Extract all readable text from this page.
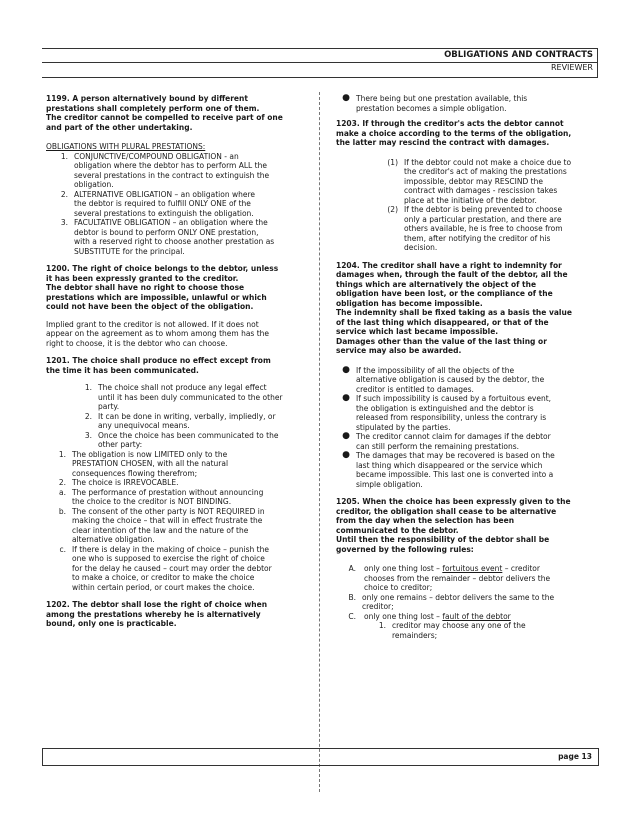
OBLIGATIONS AND CONTRACTS
REVIEWER
1199. A person alternatively bound by different
prestations shall completely perform one of them.
The creditor cannot be compelled to receive part of one
and part of the other undertaking.
OBLIGATIONS WITH PLURAL PRESTATIONS:
1. CONJUNCTIVE/COMPOUND OBLIGATION - an
obligation where the debtor has to perform ALL the
several prestations in the contract to extinguish the
obligation.
2. ALTERNATIVE OBLIGATION – an obligation where
the debtor is required to fulfill ONLY ONE of the
several prestations to extinguish the obligation.
3. FACULTATIVE OBLIGATION – an obligation where the
debtor is bound to perform ONLY ONE prestation,
with a reserved right to choose another prestation as
SUBSTITUTE for the principal.
1200. The right of choice belongs to the debtor, unless
it has been expressly granted to the creditor.
The debtor shall have no right to choose those
prestations which are impossible, unlawful or which
could not have been the object of the obligation.
Implied grant to the creditor is not allowed. If it does not
appear on the agreement as to whom among them has the
right to choose, it is the debtor who can choose.
1201. The choice shall produce no effect except from
the time it has been communicated.
1. The choice shall not produce any legal effect
until it has been duly communicated to the other
party.
2. It can be done in writing, verbally, impliedly, or
any unequivocal means.
3. Once the choice has been communicated to the
other party:
1. The obligation is now LIMITED only to the
PRESTATION CHOSEN, with all the natural
consequences flowing therefrom;
2. The choice is IRREVOCABLE.
a. The performance of prestation without announcing
the choice to the creditor is NOT BINDING.
b. The consent of the other party is NOT REQUIRED in
making the choice – that will in effect frustrate the
clear intention of the law and the nature of the
alternative obligation.
c. If there is delay in the making of choice – punish the
one who is supposed to exercise the right of choice
for the delay he caused – court may order the debtor
to make a choice, or creditor to make the choice
within certain period, or court makes the choice.
1202. The debtor shall lose the right of choice when
among the prestations whereby he is alternatively
bound, only one is practicable.
● There being but one prestation available, this
prestation becomes a simple obligation.
1203. If through the creditor's acts the debtor cannot
make a choice according to the terms of the obligation,
the latter may rescind the contract with damages.
(1) If the debtor could not make a choice due to
the creditor's act of making the prestations
impossible, debtor may RESCIND the
contract with damages - rescission takes
place at the initiative of the debtor.
(2) If the debtor is being prevented to choose
only a particular prestation, and there are
others available, he is free to choose from
them, after notifying the creditor of his
decision.
1204. The creditor shall have a right to indemnity for
damages when, through the fault of the debtor, all the
things which are alternatively the object of the
obligation have been lost, or the compliance of the
obligation has become impossible.
The indemnity shall be fixed taking as a basis the value
of the last thing which disappeared, or that of the
service which last became impossible.
Damages other than the value of the last thing or
service may also be awarded.
● If the impossibility of all the objects of the
alternative obligation is caused by the debtor, the
creditor is entitled to damages.
● If such impossibility is caused by a fortuitous event,
the obligation is extinguished and the debtor is
released from responsibility, unless the contrary is
stipulated by the parties.
● The creditor cannot claim for damages if the debtor
can still perform the remaining prestations.
● The damages that may be recovered is based on the
last thing which disappeared or the service which
became impossible. This last one is converted into a
simple obligation.
1205. When the choice has been expressly given to the
creditor, the obligation shall cease to be alternative
from the day when the selection has been
communicated to the debtor.
Until then the responsibility of the debtor shall be
governed by the following rules:
A.	only one thing lost – fortuitous event – creditor
chooses from the remainder – debtor delivers the
choice to creditor;
B. only one remains – debtor delivers the same to the
creditor;
C.	only one thing lost – fault of the debtor
1. creditor may choose any one of the
remainders;
page 13
